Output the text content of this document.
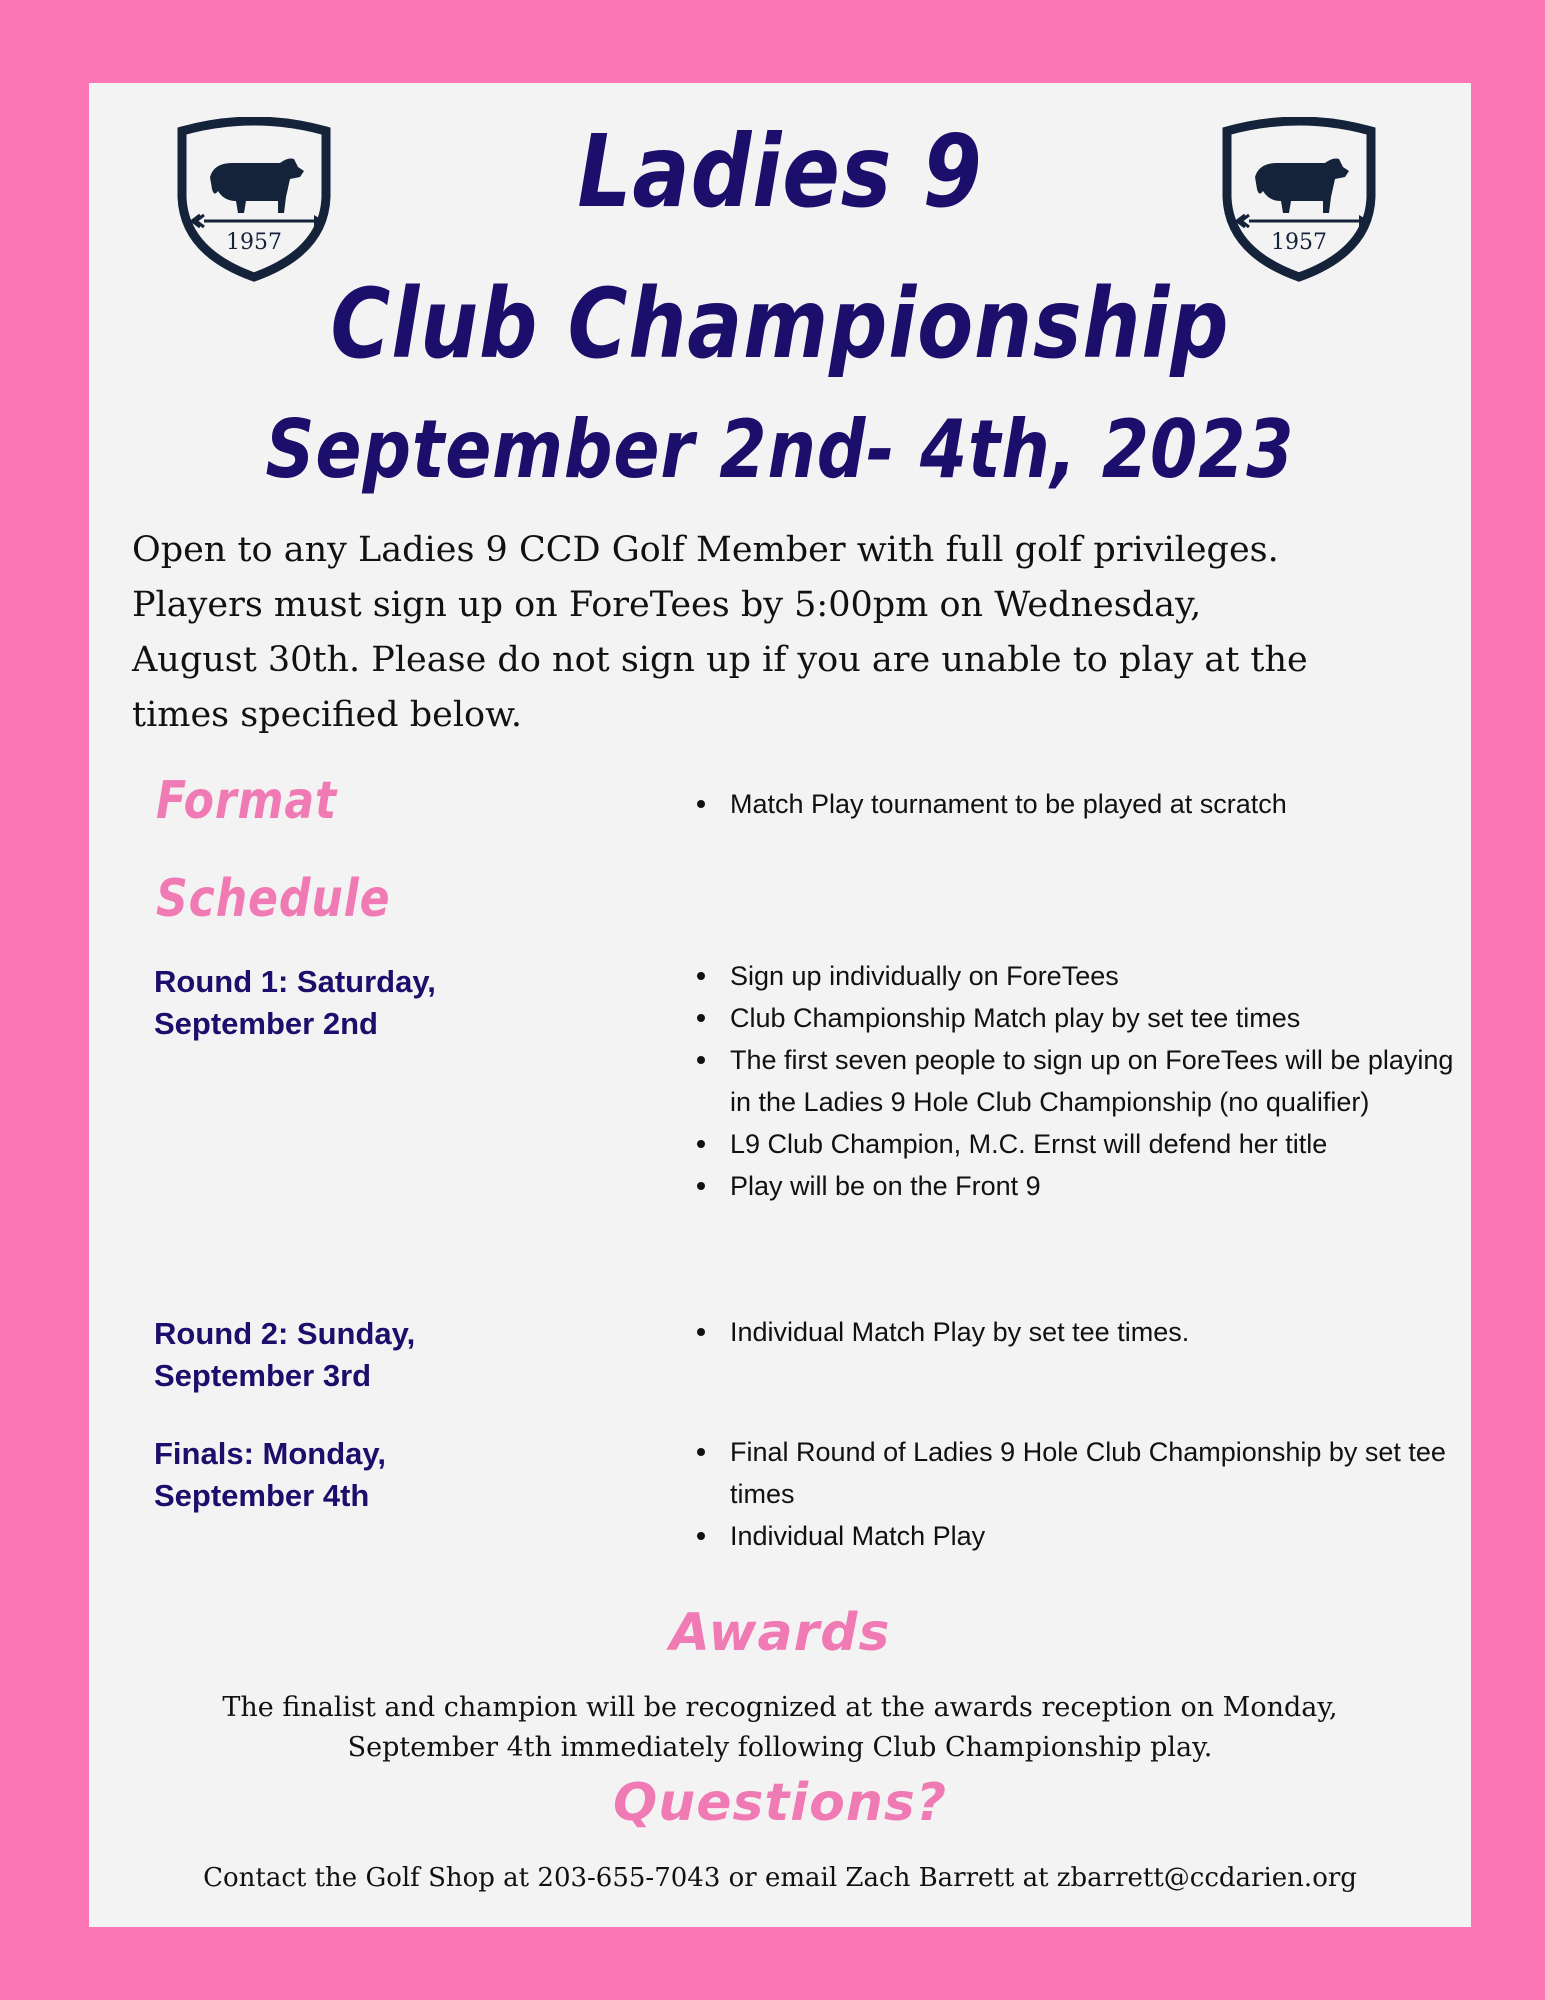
1957	1957
Ladies 9
Club Championship
September 2nd- 4th, 2023
Open to any Ladies 9 CCD Golf Member with full golf privileges.
Players must sign up on ForeTees by 5:00pm on Wednesday,
August 30th. Please do not sign up if you are unable to play at the
times specified below.
Format	Match Play tournament to be played at scratch
Schedule
Round 1: Saturday,
September 2nd
Sign up individually on ForeTees
Club Championship Match play by set tee times
The first seven people to sign up on ForeTees will be playing in the Ladies 9 Hole Club Championship (no qualifier)
L9 Club Champion, M.C. Ernst will defend her title
Play will be on the Front 9
Round 2: Sunday,
September 3rd
Individual Match Play by set tee times.
Finals: Monday,
September 4th
Final Round of Ladies 9 Hole Club Championship by set tee times
Individual Match Play
Awards
The finalist and champion will be recognized at the awards reception on Monday,
September 4th immediately following Club Championship play.
Questions?
Contact the Golf Shop at 203-655-7043 or email Zach Barrett at zbarrett@ccdarien.org
